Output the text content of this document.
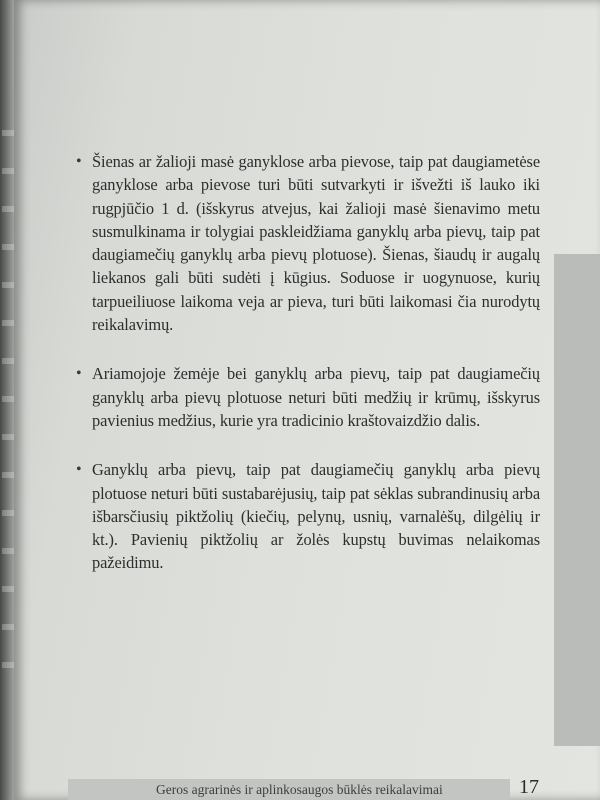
• Šienas ar žalioji masė ganyklose arba pievose, taip pat daugiametėse ganyklose arba pievose turi būti sutvarkyti ir išvežti iš lauko iki rugpjūčio 1 d. (išskyrus atvejus, kai žalioji masė šienavimo metu susmulkinama ir tolygiai paskleidžiama ganyklų arba pievų, taip pat daugiamečių ganyklų arba pievų plotuose). Šienas, šiaudų ir augalų liekanos gali būti sudėti į kūgius. Soduose ir uogynuose, kurių tarpueiliuose laikoma veja ar pieva, turi būti laikomasi čia nurodytų reikalavimų.

• Ariamojoje žemėje bei ganyklų arba pievų, taip pat daugiamečių ganyklų arba pievų plotuose neturi būti medžių ir krūmų, išskyrus pavienius medžius, kurie yra tradicinio kraštovaizdžio dalis.

• Ganyklų arba pievų, taip pat daugiamečių ganyklų arba pievų plotuose neturi būti sustabarėjusių, taip pat sėklas subrandinusių arba išbarsčiusių piktžolių (kiečių, pelynų, usnių, varnalėšų, dilgėlių ir kt.). Pavienių piktžolių ar žolės kupstų buvimas nelaikomas pažeidimu.

Geros agrarinės ir aplinkosaugos būklės reikalavimai	17
